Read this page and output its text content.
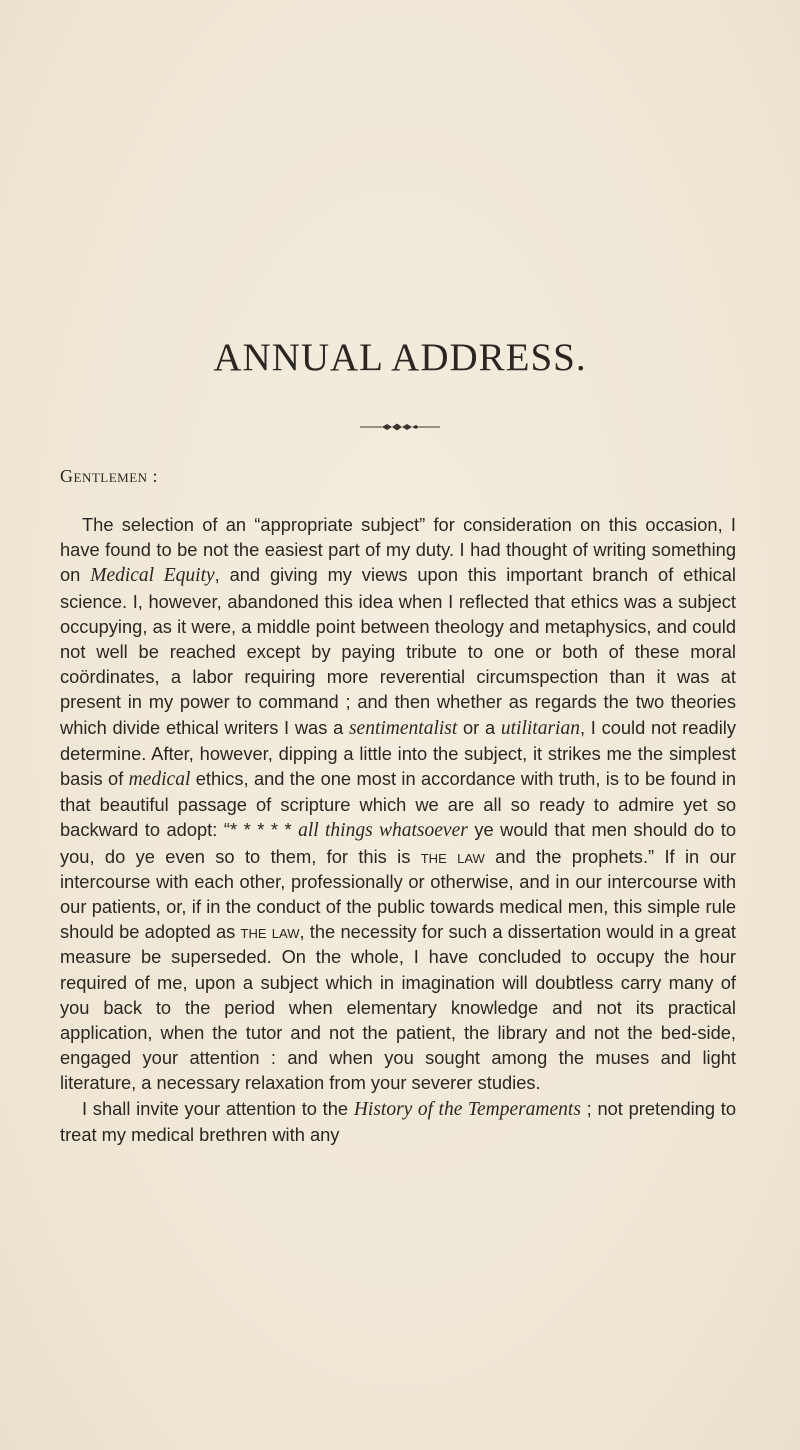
ANNUAL ADDRESS.
Gentlemen :

The selection of an “appropriate subject” for consideration on this occasion, I have found to be not the easiest part of my duty. I had thought of writing something on Medical Equity, and giving my views upon this important branch of ethical science. I, however, abandoned this idea when I reflected that ethics was a subject occupying, as it were, a middle point between theology and metaphysics, and could not well be reached except by paying tribute to one or both of these moral coördinates, a labor requiring more reverential circumspection than it was at present in my power to command ; and then whether as regards the two theories which divide ethical writers I was a sentimentalist or a utilitarian, I could not readily determine. After, however, dipping a little into the subject, it strikes me the simplest basis of medical ethics, and the one most in accordance with truth, is to be found in that beautiful passage of scripture which we are all so ready to admire yet so backward to adopt: “* * * * * all things whatsoever ye would that men should do to you, do ye even so to them, for this is the law and the prophets.” If in our intercourse with each other, professionally or otherwise, and in our intercourse with our patients, or, if in the conduct of the public towards medical men, this simple rule should be adopted as the law, the necessity for such a dissertation would in a great measure be superseded. On the whole, I have concluded to occupy the hour required of me, upon a subject which in imagination will doubtless carry many of you back to the period when elementary knowledge and not its practical application, when the tutor and not the patient, the library and not the bed-side, engaged your attention : and when you sought among the muses and light literature, a necessary relaxation from your severer studies.

I shall invite your attention to the History of the Temperaments ; not pretending to treat my medical brethren with any
